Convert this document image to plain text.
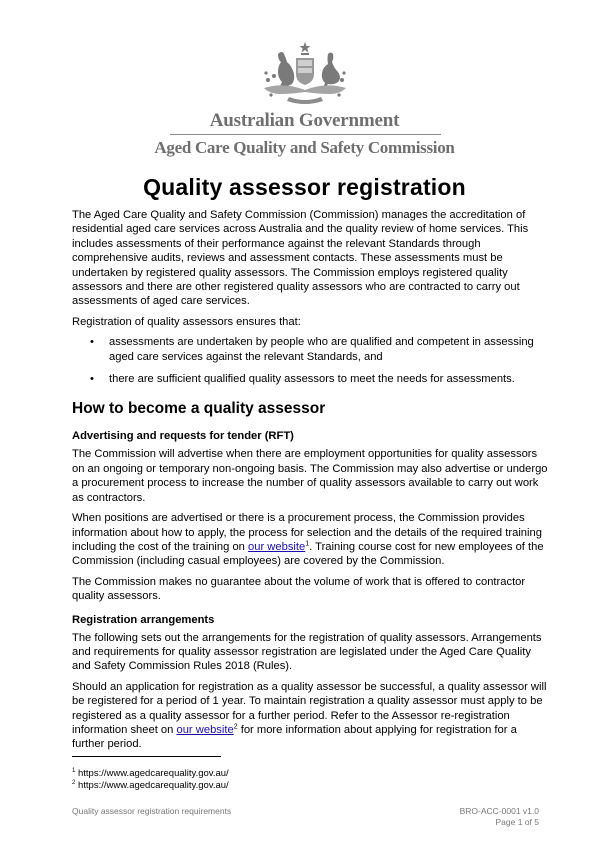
Australian Government
Aged Care Quality and Safety Commission
Quality assessor registration

The Aged Care Quality and Safety Commission (Commission) manages the accreditation of residential aged care services across Australia and the quality review of home services. This includes assessments of their performance against the relevant Standards through comprehensive audits, reviews and assessment contacts. These assessments must be undertaken by registered quality assessors. The Commission employs registered quality assessors and there are other registered quality assessors who are contracted to carry out assessments of aged care services.

Registration of quality assessors ensures that:

• assessments are undertaken by people who are qualified and competent in assessing aged care services against the relevant Standards, and
• there are sufficient qualified quality assessors to meet the needs for assessments.
How to become a quality assessor
Advertising and requests for tender (RFT)

The Commission will advertise when there are employment opportunities for quality assessors on an ongoing or temporary non-ongoing basis. The Commission may also advertise or undergo a procurement process to increase the number of quality assessors available to carry out work as contractors.

When positions are advertised or there is a procurement process, the Commission provides information about how to apply, the process for selection and the details of the required training including the cost of the training on our website$^1$. Training course cost for new employees of the Commission (including casual employees) are covered by the Commission.

The Commission makes no guarantee about the volume of work that is offered to contractor quality assessors.

Registration arrangements

The following sets out the arrangements for the registration of quality assessors. Arrangements and requirements for quality assessor registration are legislated under the Aged Care Quality and Safety Commission Rules 2018 (Rules).

Should an application for registration as a quality assessor be successful, a quality assessor will be registered for a period of 1 year. To maintain registration a quality assessor must apply to be registered as a quality assessor for a further period. Refer to the Assessor re-registration information sheet on our website$^2$ for more information about applying for registration for a further period.

$^1$ https://www.agedcarequality.gov.au/
$^2$ https://www.agedcarequality.gov.au/
Quality assessor registration requirements	BRO-ACC-0001 v1.0
Page 1 of 5
